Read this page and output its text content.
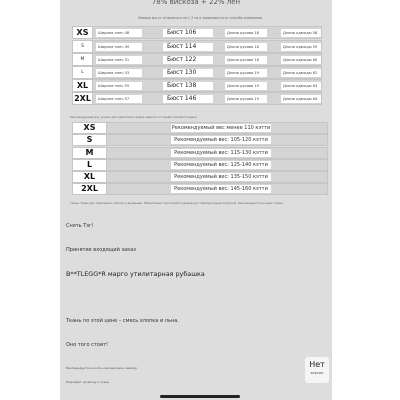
78% вискоза + 22% лен
Замеры могут отличаться на 1-3 см в зависимости от способа измерения
XS	Ширина плеч 48	Бюст 106	Длина рукава 18	Длина одежды 58
S	Ширина плеч 49	Бюст 114	Длина рукава 18	Длина одежды 59
M	Ширина плеч 51	Бюст 122	Длина рукава 18	Длина одежды 60
L	Ширина плеч 53	Бюст 130	Длина рукава 19	Длина одежды 62
XL	Ширина плеч 55	Бюст 138	Длина рукава 19	Длина одежды 63
2XL	Ширина плеч 57	Бюст 146	Длина рукава 19	Длина одежды 64
Рекомендуемый вес указан для ориентира, выбор зависит от предпочтений посадки
XS	Рекомендуемый вес менее 110 кэтти
S	Рекомендуемый вес: 105-120 кэтти
M	Рекомендуемый вес: 115-130 кэтти
L	Рекомендуемый вес: 125-140 кэтти
XL	Рекомендуемый вес: 135-150 кэтти
2XL	Рекомендуемый вес: 145-160 кэтти
Ткань: Ткань без подкладки, мягкая и дышащая. Обязательно прочитайте размерную таблицу перед покупкой. Рекомендуется ручная стирка
Снять Тэг!
Принятие входящий заказ
B**TLEGG*R марго утилитарная рубашка
Ткань по этой цене – смесь хлопка и льна.
Оно того стоит!
Рекомендуется носить как верхнюю одежду
Подойдет на весну и осень
Нет
версии
